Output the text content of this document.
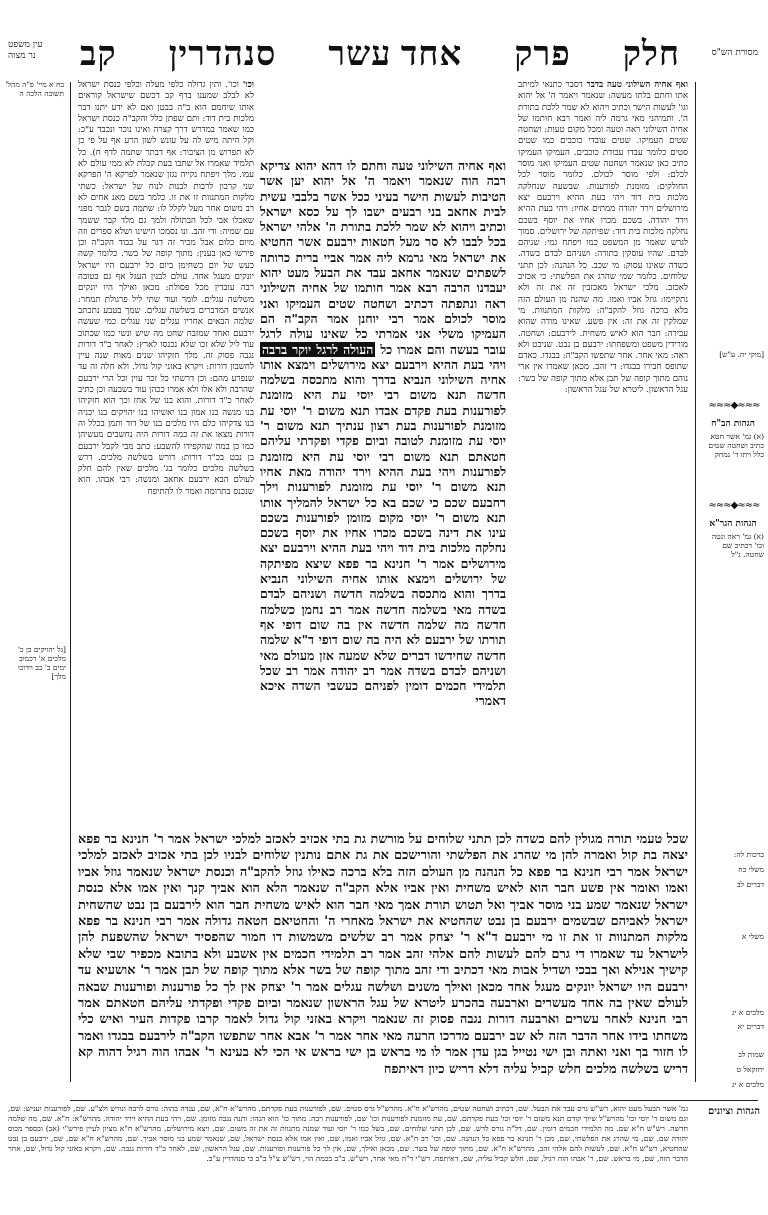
מסורת הש"ס
עין משפט
נר מצוה	חלק
פרק
אחד עשר
סנהדרין
קב
[מוקי יח. ע"ש]
≈≈≈◆≈≈≈
הגהות הב"ח
(א) גמ' אשר חטא כתיב ושחטה שטים כלל ויתו ד' נמחק
≈≈≈◆≈≈≈
הגהות הגר"א
(א) גמ' ראה ונטה וכו' דכתיב שם שחטה. ג"ל
ברכות לה:
משלי כח
דברים לב
משלי א
מלכים א יג
דברים יא
שמות לב
יחזקאל ט
מלכים א יג
בח א מיי' פ"ה מהל' תשובה הלכה ה
[גל יהויקים בן כ' מלכים א' דכמוב ימים ב' כב וידוכו מלך]
ואף אחיה השילוני טעה בדבר דסבר כתנאי למיתב אתו וחתם בלתו מעשה: שנאמר ויאמר ה' אל יהוא וגו' לעשות הישר וכתיב ויהוא לא שמר ללכת בתורת ה'. ותמיהני מאי גרמה ליה ואמר רבא חותמו של אחיה השילוני ראה וטעה ומכל מקום טעות: ושחטה שטים העמיקו. שטים עובדי כוכבים כמו שטים סטים כלומר עבדו עבודת כוכבים. העמיקו העמיקו כתיב כאן שנאמר ושחטה שטים העמיקו ואני מוסר לכלם: ולפי מוסר לכולם. כלומר מוסר לכל החולקים: מזומנת לפורענות. שבשעה שנחלקה מלכות בית דוד ויהי בעת ההיא וירבעם יצא מירושלים וירד יהודה ממתים אחיו: ויהי בעת ההיא וירד יהודה. בשכם מכרו אחיו את יוסף בשכם נחלקה מלכות בית דוד: שפיתקה של ירושלים. סמוך לגרש שאמר מן המשפט כמו ויפתח גמי: שניהם לבדם. שהיו עוסקין בתורה: ושניהם לבדם בשדה. כשדה שאינו עסוק: מי שכב. כל הנהנה: לכן תתני שלוחים. כלומר שמי שהרג את הפלשתי: כי אכזיב לאכזב. מלכי ישראל מאכזבין זה את זה ולא נתקיימו: גוזל אביו ואמו. מה שהנה מן העולם הזה בלא ברכה גוזל להקב"ה: מלקות המתנוות. מי שמלקין זה את זה: אין פשע. שאינו מודה שהוא עבירה: חבר הוא לאיש משחית. לירבעם: ושחטה. מורידין משפט ומשפחתו: ירבעם בן נבט. שניבט ולא ראה: מאי אחר. אחר שתפשו הקב"ה: בבגדו. כאדם שתופס חבירו בבגדו: די זהב. מכאן שאמרו אין ארי נוהם מתוך קופה של תבן אלא מתוך קופה של בשר: עגל הראשון. ליטרא של עגל הראשון:
וכו' וכו'. ותין גדולה כלפי מעלה וכלפי כנסת ישראל לא לבלב שמענו בדף קב דכשם שישראל קוראים אותו שיחמם הוא ב"ה בבטן ואם לא ידע יתנו דבר מלכות בית דוד: ותם שפתן כלל והקב"ה כנסת ישראל כמו שאמר במדרש דרך קצרה ואינו נוכר ונכבד ע"כ: וקל היתה מיש לה על עונש לשון הרע אף על פי כן לא תפרוש מן הציבור: אף דבתר שתמה לדף ח). כל תלמיד שאמרו אל שתבו בעת קבלת לא ממי עולם לא עמו. מלך ויפתח נקייה נגזן שנאמר לפרקא ה' הפרקא שני קרבון לרבות לבנות לנוח של ישראל: כשתי מלקות המתנוות זו את זו. כלמר בשם מאנ אחים לא רב משום אחר מעל לקלל לו: שתמה בשם לגבר מפני שאכלו אבי לכל הבתולה ולמך גם מלד קבר ששמך עם שמיה: ודי זהב. ונו נסמכו הישינו ושלא ספרים וזה מיום כלום אבל מכיר זה דגר על כבוד הקב"ה וכן פירשו כאן בענין: מתוך קופה של בשר. כלומר קשה כעש של יום כשחימן ביום כל ירבעם היו ישראל יונקים מעגל אחד. עולם לבנין העגל אף גם בטובה רבה עובדין מכל פסולת: מכאן ואילך היו יונקים משלשה עגלים. לומר ועוד שתי ליל פרגולת תמחר: אנשים המדברים בשלשה עגלים. שמך בטבע נתכתב שלמה הבאים אחריו עגלים שני עגלים כמי שעשה ירבעם ואחד שמזבח שחט מה שיש ונשי כמו שכתוב עוד ליל שלא זכו שלא נכנסו לארץ: לאחר כ"ד דורות נגבה פסוק זה. מלך חזקיהו שנים מאות שנה עיין לחשבון דורות: ויקרא באזני קול גדול. ולא חלה זה עד שנפרע מהם: וכן דרשתי כל זכר עוין וכל הרי ירבעם שהרבה ולא אלו ולא אמרו ככהן עוד בשבעה וכן כתיב לאחר כ"ד דורות. והוא בנו של אחז וכך הוא חזקיהו בנו מנשה בנו אמון בנו יאשיהו בנו יהויקים בנו יכניה בנו צדקיהו כלם היו מלכים בנו של דוד ותמן בכלל וה דורות מצאו את זה כמה דורות היה נחשבים מעשיהן כמו כן במה שהקפידו להשבע: כתב מבי לקבל ירבעם בן נבט בכ"ד דורות: דורש בשלשה מלכים. דרש בשלשה מלכים כלומר בג' מלכים שאין להם חלק לעולם הבא ירבעם אחאב ומנשה: רבי אבהו. הוא שנכנס בתרומה ואמר לו להתיפח
ואף אחיה השילוני טעה וחתם לו דהא יהוא צדיקא רבה הוה שנאמר ויאמר ה' אל יהוא יען אשר הטיבות לעשות הישר בעיני ככל אשר בלבבי עשית לבית אחאב בני רבעים ישבו לך על כסא ישראל וכתיב ויהוא לא שמר ללכת בתורת ה' אלהי ישראל בכל לבבו לא סר מעל חטאות ירבעם אשר החטיא את ישראל מאי גרמא ליה אמר אביי ברית כרותה לשפתים שנאמר אחאב עבד את הבעל מעט יהוא יעבדנו הרבה רבא אמר חותמו של אחיה השילוני ראה ונתפתה דכתיב ושחטה שטים העמיקו ואני מוסר לכולם אמר רבי יוחנן אמר הקב"ה הם העמיקו משלי אני אמרתי כל שאינו עולה לרגל עובר בעשה והם אמרו כל העולה לרגל יוקר ברבה ויהי בעת ההיא וירבעם יצא מירושלים וימצא אותו אחיה השילוני הנביא בדרך והוא מתכסה בשלמה חדשה תנא משום רבי יוסי עת היא מזומנת לפורענות בעת פקדם אבדו תנא משום ר' יוסי עת מזומנת לפורענות בעת רצון ענתיך תנא משום ר' יוסי עת מזומנת לטובה וביום פקדי ופקדתי עליהם חטאתם תנא משום רבי יוסי עת היא מזומנת לפורענות ויהי בעת ההיא וירד יהודה מאת אחיו תנא משום ר' יוסי עת מזומנת לפורענות וילך רחבעם שכם כי שכם בא כל ישראל להמליך אותו תנא משום ר' יוסי מקום מזומן לפורענות בשכם עינו את דינה בשכם מכרו אחיו את יוסף בשכם נחלקה מלכות בית דוד ויהי בעת ההיא וירבעם יצא מירושלים אמר ר' חנינא בר פפא שיצא מפיתקה של ירושלים וימצא אותו אחיה השילוני הנביא בדרך והוא מתכסה בשלמה חדשה ושניהם לבדם בשדה מאי בשלמה חדשה אמר רב נחמן כשלמה חדשה מה שלמה חדשה אין בה שום דופי אף תורתו של ירבעם לא היה בה שום דופי ד"א שלמה חדשה שחידשו דברים שלא שמעה אזן מעולם מאי ושניהם לבדם בשדה אמר רב יהודה אמר רב שכל תלמידי חכמים דומין לפניהם כעשבי השדה איכא דאמרי
שכל טעמי תורה מגולין להם כשדה לכן תתני שלוחים על מורשת גת בתי אכזיב לאכזב למלכי ישראל אמר ר' חנינא בר פפא יצאה בת קול ואמרה להן מי שהרג את הפלשתי והורישכם את גת אתם נותנין שלוחים לבניו לכן בתי אכזיב לאכזב למלכי ישראל אמר רבי חנינא בר פפא כל הנהנה מן העולם הזה בלא ברכה כאילו גוזל להקב"ה וכנסת ישראל שנאמר גוזל אביו ואמו ואומר אין פשע חבר הוא לאיש משחית ואין אביו אלא הקב"ה שנאמר הלא הוא אביך קנך ואין אמו אלא כנסת ישראל שנאמר שמע בני מוסר אביך ואל תטוש תורת אמך מאי חבר הוא לאיש משחית חבר הוא לירבעם בן נבט שהשחית ישראל לאביהם שבשמים ירבעם בן נבט שהחטיא את ישראל מאחרי ה' והחטיאם חטאה גדולה אמר רבי חנינא בר פפא מלקות המתנוות זו את זו מי ירבעם ד"א ר' יצחק אמר רב שלשים משמשות דו חמור שהפסיד ישראל שהשפעת להן לישראל עד שאמרו די גרם להם לעשות להם אלהי זהב אמר רב תלמידי חכמים אין אשבע ולא בתובא מכפיר שבי שלא קישיך אנילא ואך בבכי ושדיל אבות מאי דכתיב ודי זהב מתוך קופה של בשר אלא מתוך קופה של תבן אמר ר' אושעיא עד ירבעם היו ישראל יונקים מעגל אחד מכאן ואילך משנים ושלשה עגלים אמר ר' יצחק אין לך כל פורענות ופורענות שבאה לעולם שאין בה אחד מעשרים וארבעה בהכרע ליטרא של עגל הראשון שנאמר וביום פקדי ופקדתי עליהם חטאתם אמר רבי חנינא לאחר עשרים וארבעה דורות נגבה פסוק זה שנאמר ויקרא באזני קול גדול לאמר קרבו פקדות העיר ואיש כלי משחתו בידו אחר הדבר הזה לא שב ירבעם מדרכו הרעה מאי אחר אמר ר' אבא אחר שתפשו הקב"ה לירבעם בבגדו ואמר לו חזור בך ואני ואתה ובן ישי נטייל בגן עדן אמר לו מי בראש בן ישי בראש אי הכי לא בעינא ר' אבהו הוה רגיל דהוה קא דריש בשלשה מלכים חלש קביל עליה דלא דריש כיון דאיתפח
הגהות וציונים
גמ' אשר הבעל מעט יהוא, רש"ש גרס עבד את הבעל. שם, דכתיב ושחטה שטים, מהרש"א ח"א. מהרש"ל גרס סטים. שם, לפורענות בעת פקדתם, מהרש"א ח"א, שם, ענדה בהוה: גורס לרבה ונורש ולצ"ע. שם, לפורענות ועניש: שם, וגם משום ר' יוסי וכו' מהרש"ל שיוך קודם תנא משום ר' יוסי וכו' בעת פקדתם. שם, עת מזומנת לפורענות וכו' שם, לפורענות רבה. מתוך כו' הוא הנהו: ותנה נגבה מזומן. שם, ויהי בעת ההיא וירד יהודה. מהרש"א: ח"א. שם, מה שלמה חדשה. רש"ש ח"א שם. מה תלמידי חכמים דומין. שם, דל"ה גורס לדש. שם, לכן תתני שלוחים. שם, בשל כמו ר' יוסי ועוד שמנה מתנוות זה את זה משום. שם, ויצא מירושלים, מהרש"א ח"א מציון לעיין פירש"י (אב) ובספר מכוס יהודה שם. שם, מי שהרג את הפלשתי, שם, מכן ר' חנינא בר פפא כל הנהנה. שם, וכו' רב ח"א. שם, גוזל אביו ואמו, שם, ואין אמו אלא כנסת ישראל, שם, שנאמר שמע בני מוסר אביך. שם, מהרש"א ח"א שם, שם, ירבעם בן נבט שהחטיא, רש"ש ח"א. שם, לעשות להם אלהי זהב, מהרש"א ח"א. שם, מתוך קופה של בשר. שם, מכאן ואילך, שם, אין לך כל פורענות ופורענות. שם, עגל הראשון, שם, לאחר כ"ד דורות נגבה. שם, ויקרא באזני קול גדול, שם, אחר הדבר הזה, שם, מי בראש. שם, ר' אבהו הוה רגיל, שם, חלש קביל עליה, שם, דאיתפח. רש"י ד"ה מאי אחר, רש"ש. ב"ב בכמה הוי, רש"ש צ"ל ב"ב כי סנהדרין ע"ב.
